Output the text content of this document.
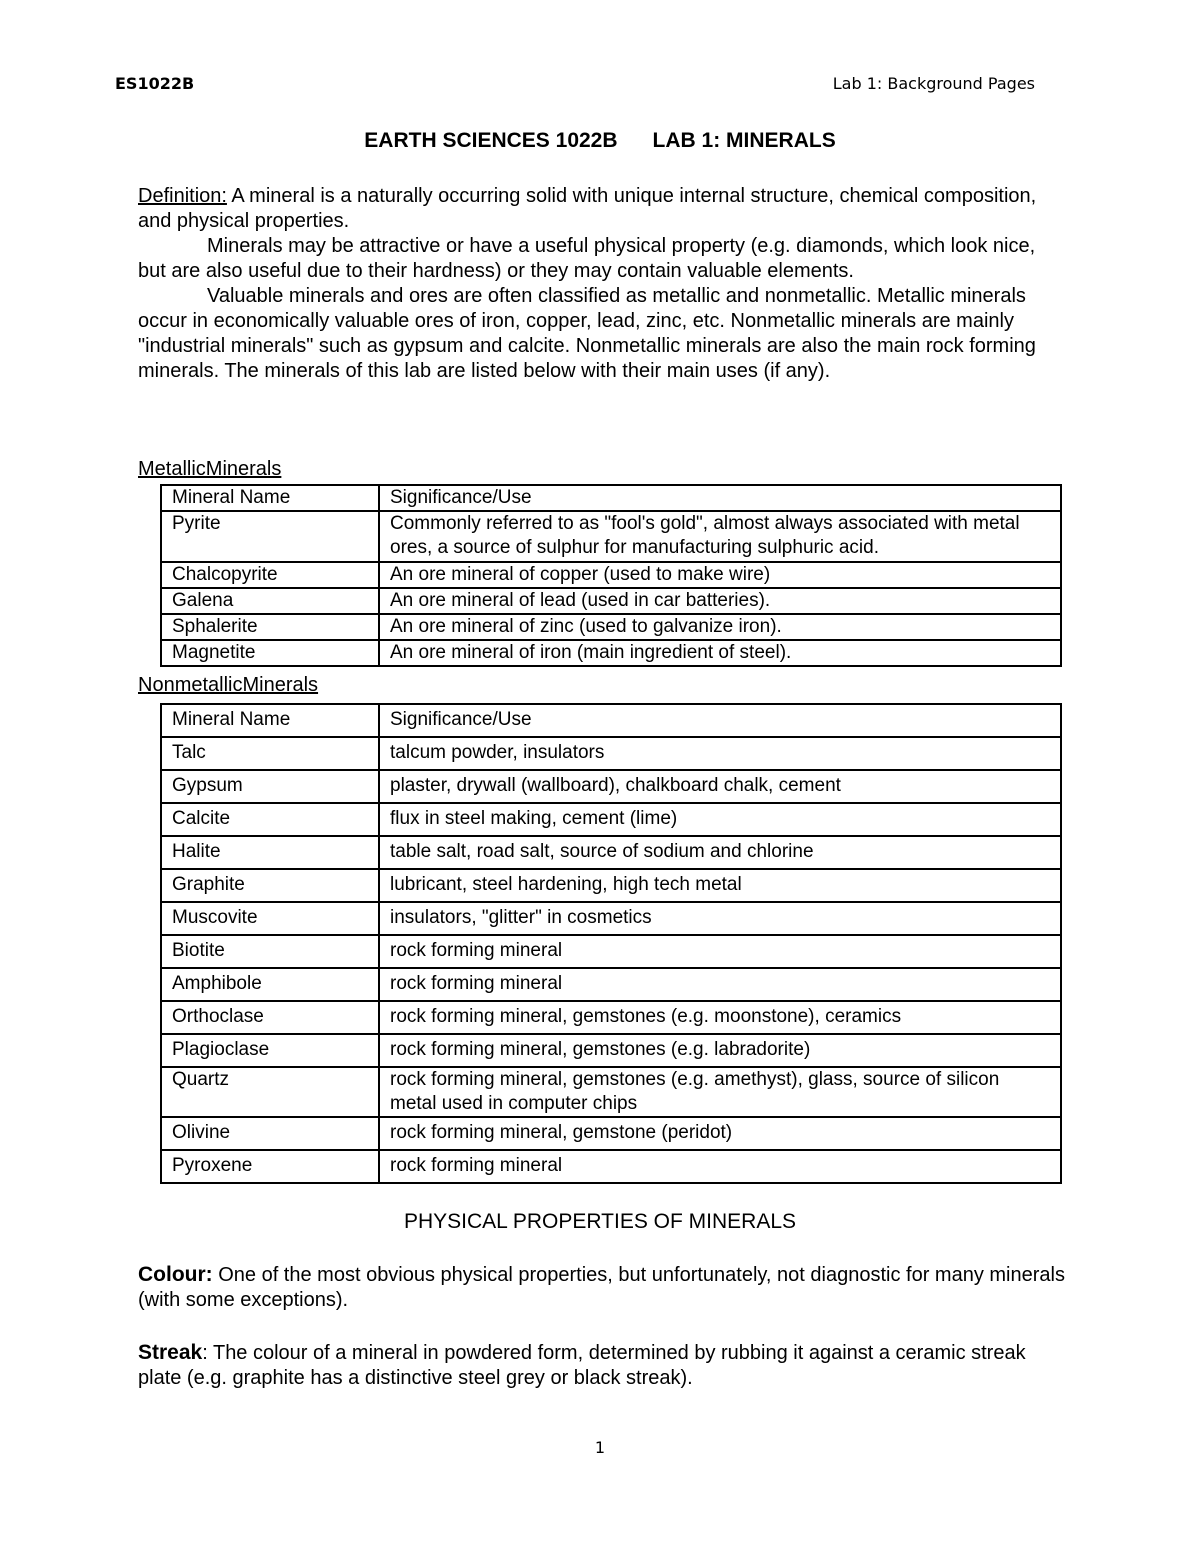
ES1022B	Lab 1: Background Pages
EARTH SCIENCES 1022B      LAB 1: MINERALS

Definition: A mineral is a naturally occurring solid with unique internal structure, chemical composition, and physical properties.

Minerals may be attractive or have a useful physical property (e.g. diamonds, which look nice, but are also useful due to their hardness) or they may contain valuable elements.

Valuable minerals and ores are often classified as metallic and nonmetallic. Metallic minerals occur in economically valuable ores of iron, copper, lead, zinc, etc. Nonmetallic minerals are mainly "industrial minerals" such as gypsum and calcite. Nonmetallic minerals are also the main rock forming minerals. The minerals of this lab are listed below with their main uses (if any).

MetallicMinerals
Mineral Name	Significance/Use
Pyrite	Commonly referred to as "fool's gold", almost always associated with metal ores, a source of sulphur for manufacturing sulphuric acid.
Chalcopyrite	An ore mineral of copper (used to make wire)
Galena	An ore mineral of lead (used in car batteries).
Sphalerite	An ore mineral of zinc (used to galvanize iron).
Magnetite	An ore mineral of iron (main ingredient of steel).
NonmetallicMinerals
Mineral Name	Significance/Use
Talc	talcum powder, insulators
Gypsum	plaster, drywall (wallboard), chalkboard chalk, cement
Calcite	flux in steel making, cement (lime)
Halite	table salt, road salt, source of sodium and chlorine
Graphite	lubricant, steel hardening, high tech metal
Muscovite	insulators, "glitter" in cosmetics
Biotite	rock forming mineral
Amphibole	rock forming mineral
Orthoclase	rock forming mineral, gemstones (e.g. moonstone), ceramics
Plagioclase	rock forming mineral, gemstones (e.g. labradorite)
Quartz	rock forming mineral, gemstones (e.g. amethyst), glass, source of silicon metal used in computer chips
Olivine	rock forming mineral, gemstone (peridot)
Pyroxene	rock forming mineral
PHYSICAL PROPERTIES OF MINERALS

Colour: One of the most obvious physical properties, but unfortunately, not diagnostic for many minerals (with some exceptions).

Streak: The colour of a mineral in powdered form, determined by rubbing it against a ceramic streak plate (e.g. graphite has a distinctive steel grey or black streak).

1
